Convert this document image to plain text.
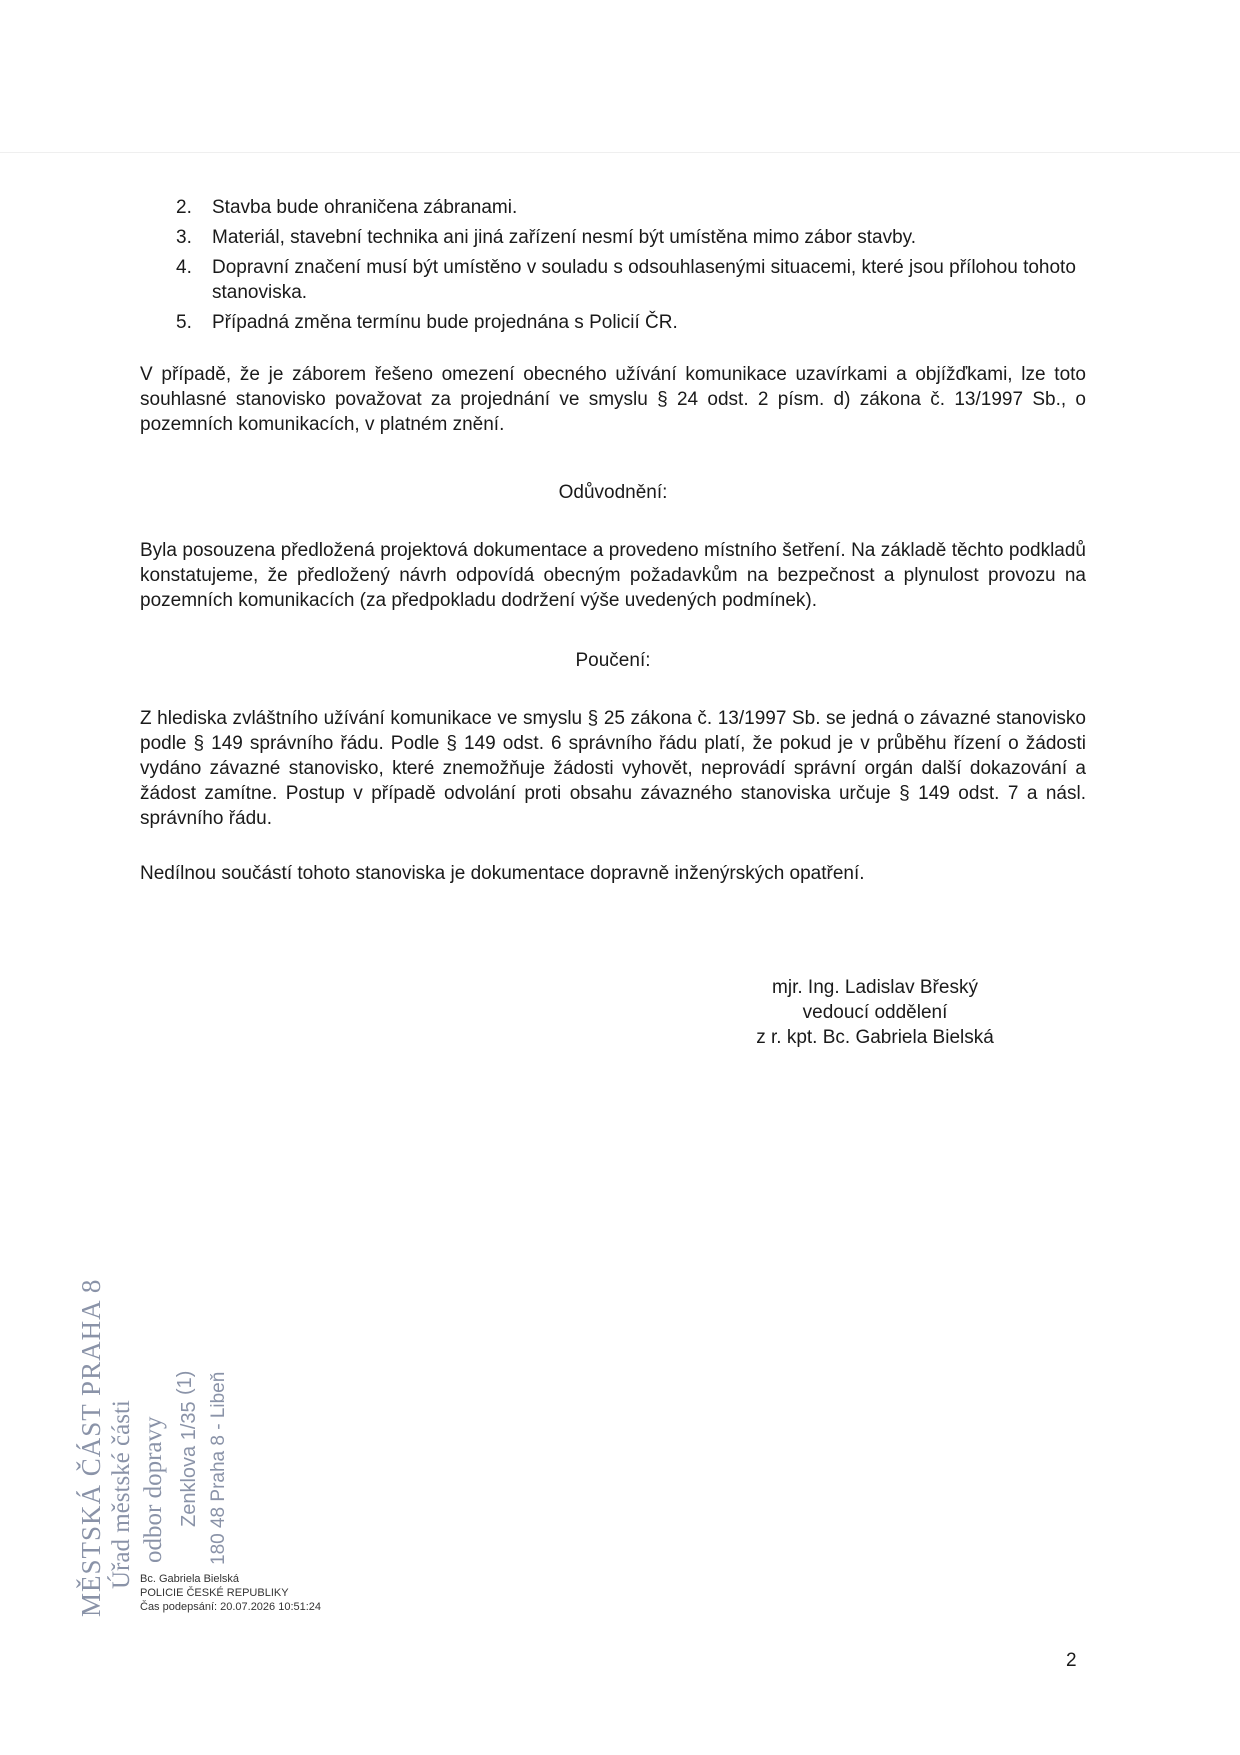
2.	Stavba bude ohraničena zábranami.
3.	Materiál, stavební technika ani jiná zařízení nesmí být umístěna mimo zábor stavby.
4.	Dopravní značení musí být umístěno v souladu s odsouhlasenými situacemi, které jsou přílohou tohoto stanoviska.
5.	Případná změna termínu bude projednána s Policií ČR.

V případě, že je záborem řešeno omezení obecného užívání komunikace uzavírkami a objížďkami, lze toto souhlasné stanovisko považovat za projednání ve smyslu § 24 odst. 2 písm. d) zákona č. 13/1997 Sb., o pozemních komunikacích, v platném znění.

Odůvodnění:

Byla posouzena předložená projektová dokumentace a provedeno místního šetření. Na základě těchto podkladů konstatujeme, že předložený návrh odpovídá obecným požadavkům na bezpečnost a plynulost provozu na pozemních komunikacích (za předpokladu dodržení výše uvedených podmínek).

Poučení:

Z hlediska zvláštního užívání komunikace ve smyslu § 25 zákona č. 13/1997 Sb. se jedná o závazné stanovisko podle § 149 správního řádu. Podle § 149 odst. 6 správního řádu platí, že pokud je v průběhu řízení o žádosti vydáno závazné stanovisko, které znemožňuje žádosti vyhovět, neprovádí správní orgán další dokazování a žádost zamítne. Postup v případě odvolání proti obsahu závazného stanoviska určuje § 149 odst. 7 a násl. správního řádu.

Nedílnou součástí tohoto stanoviska je dokumentace dopravně inženýrských opatření.

mjr. Ing. Ladislav Břeský
vedoucí oddělení
z r. kpt. Bc. Gabriela Bielská
MĚSTSKÁ ČÁST PRAHA 8 Úřad městské části odbor dopravy Zenklova 1/35
(1) 180 48 Praha 8 - Libeň
Bc. Gabriela Bielská
POLICIE ČESKÉ REPUBLIKY
Čas podepsání: 20.07.2026 10:51:24
2
